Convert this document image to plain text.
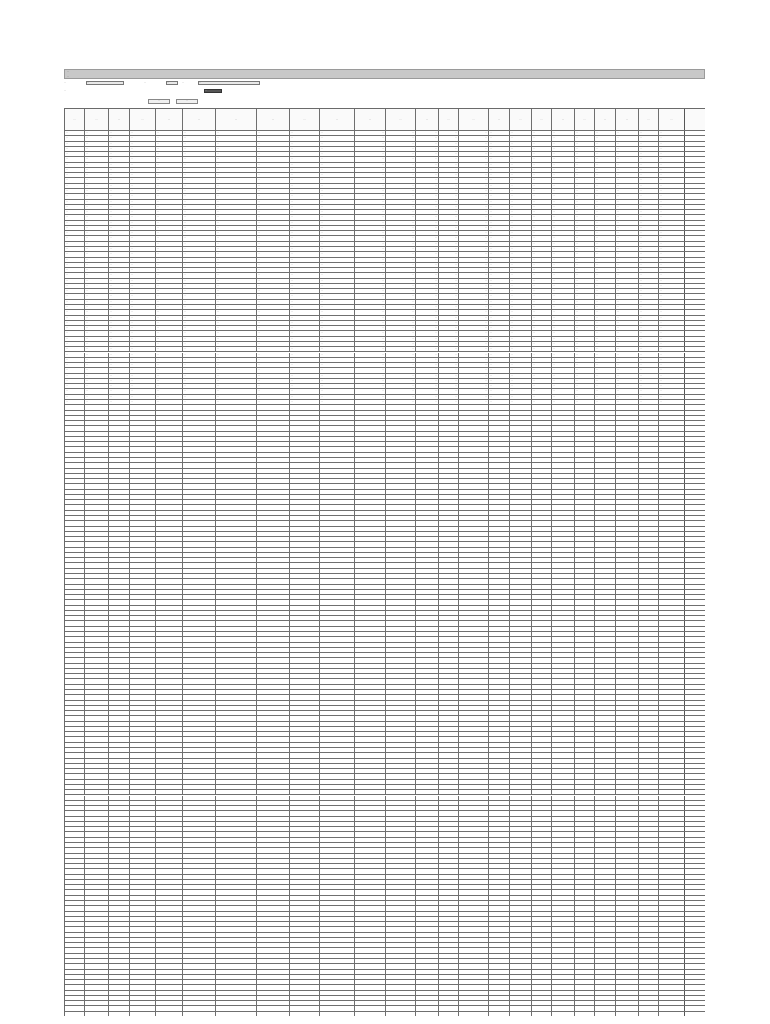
…
…
…	…	…	…	…	…
…	…
…	…
…	…	…	…	…	…	…	…	…	…	…	…	…	…	…	…	…	…	…	…	…	…	…	…
…	…	…	…	…	…	…	…	…	…	…	…	…	…	…	…	…	…	…	…	…	…	…	…
…	…	…	…	…	…	…	…	…	…	…	…	…	…	…	…	…	…	…	…	…	…	…	…
…	…	…	…	…	…	…	…	…	…	…	…	…	…	…	…	…	…	…	…	…	…	…	…
…	…	…	…	…	…	…	…	…	…	…	…	…	…	…	…	…	…	…	…	…	…	…	…
…	…	…	…	…	…	…	…	…	…	…	…	…	…	…	…	…	…	…	…	…	…	…	…
…	…	…	…	…	…	…	…	…	…	…	…	…	…	…	…	…	…	…	…	…	…	…	…
…	…	…	…	…	…	…	…	…	…	…	…	…	…	…	…	…	…	…	…	…	…	…	…
…	…	…	…	…	…	…	…	…	…	…	…	…	…	…	…	…	…	…	…	…	…	…	…
…	…	…	…	…	…	…	…	…	…	…	…	…	…	…	…	…	…	…	…	…	…	…	…
…	…	…	…	…	…	…	…	…	…	…	…	…	…	…	…	…	…	…	…	…	…	…	…
…	…	…	…	…	…	…	…	…	…	…	…	…	…	…	…	…	…	…	…	…	…	…	…
…	…	…	…	…	…	…	…	…	…	…	…	…	…	…	…	…	…	…	…	…	…	…	…
…	…	…	…	…	…	…	…	…	…	…	…	…	…	…	…	…	…	…	…	…	…	…	…
…	…	…	…	…	…	…	…	…	…	…	…	…	…	…	…	…	…	…	…	…	…	…	…
…	…	…	…	…	…	…	…	…	…	…	…	…	…	…	…	…	…	…	…	…	…	…	…
…	…	…	…	…	…	…	…	…	…	…	…	…	…	…	…	…	…	…	…	…	…	…	…
…	…	…	…	…	…	…	…	…	…	…	…	…	…	…	…	…	…	…	…	…	…	…	…
…	…	…	…	…	…	…	…	…	…	…	…	…	…	…	…	…	…	…	…	…	…	…	…
…	…	…	…	…	…	…	…	…	…	…	…	…	…	…	…	…	…	…	…	…	…	…	…
…	…	…	…	…	…	…	…	…	…	…	…	…	…	…	…	…	…	…	…	…	…	…	…
…	…	…	…	…	…	…	…	…	…	…	…	…	…	…	…	…	…	…	…	…	…	…	…
…	…	…	…	…	…	…	…	…	…	…	…	…	…	…	…	…	…	…	…	…	…	…	…
…	…	…	…	…	…	…	…	…	…	…	…	…	…	…	…	…	…	…	…	…	…	…	…
…	…	…	…	…	…	…	…	…	…	…	…	…	…	…	…	…	…	…	…	…	…	…	…
…	…	…	…	…	…	…	…	…	…	…	…	…	…	…	…	…	…	…	…	…	…	…	…
…	…	…	…	…	…	…	…	…	…	…	…	…	…	…	…	…	…	…	…	…	…	…	…
…	…	…	…	…	…	…	…	…	…	…	…	…	…	…	…	…	…	…	…	…	…	…	…
…	…	…	…	…	…	…	…	…	…	…	…	…	…	…	…	…	…	…	…	…	…	…	…
…	…	…	…	…	…	…	…	…	…	…	…	…	…	…	…	…	…	…	…	…	…	…	…
…	…	…	…	…	…	…	…	…	…	…	…	…	…	…	…	…	…	…	…	…	…	…	…
…	…	…	…	…	…	…	…	…	…	…	…	…	…	…	…	…	…	…	…	…	…	…	…
…	…	…	…	…	…	…	…	…	…	…	…	…	…	…	…	…	…	…	…	…	…	…	…
…	…	…	…	…	…	…	…	…	…	…	…	…	…	…	…	…	…	…	…	…	…	…	…
…	…	…	…	…	…	…	…	…	…	…	…	…	…	…	…	…	…	…	…	…	…	…	…
…	…	…	…	…	…	…	…	…	…	…	…	…	…	…	…	…	…	…	…	…	…	…	…
…	…	…	…	…	…	…	…	…	…	…	…	…	…	…	…	…	…	…	…	…	…	…	…
…	…	…	…	…	…	…	…	…	…	…	…	…	…	…	…	…	…	…	…	…	…	…	…
…	…	…	…	…	…	…	…	…	…	…	…	…	…	…	…	…	…	…	…	…	…	…	…
…	…	…	…	…	…	…	…	…	…	…	…	…	…	…	…	…	…	…	…	…	…	…	…
…	…	…	…	…	…	…	…	…	…	…	…	…	…	…	…	…	…	…	…	…	…	…	…
…	…	…	…	…	…	…	…	…	…	…	…	…	…	…	…	…	…	…	…	…	…	…	…
…	…	…	…	…	…	…	…	…	…	…	…	…	…	…	…	…	…	…	…	…	…	…	…
…	…	…	…	…	…	…	…	…	…	…	…	…	…	…	…	…	…	…	…	…	…	…	…
…	…	…	…	…	…	…	…	…	…	…	…	…	…	…	…	…	…	…	…	…	…	…	…
…	…	…	…	…	…	…	…	…	…	…	…	…	…	…	…	…	…	…	…	…	…	…	…
…	…	…	…	…	…	…	…	…	…	…	…	…	…	…	…	…	…	…	…	…	…	…	…
…	…	…	…	…	…	…	…	…	…	…	…	…	…	…	…	…	…	…	…	…	…	…	…
…	…	…	…	…	…	…	…	…	…	…	…	…	…	…	…	…	…	…	…	…	…	…	…
…	…	…	…	…	…	…	…	…	…	…	…	…	…	…	…	…	…	…	…	…	…	…	…
…	…	…	…	…	…	…	…	…	…	…	…	…	…	…	…	…	…	…	…	…	…	…	…
…	…	…	…	…	…	…	…	…	…	…	…	…	…	…	…	…	…	…	…	…	…	…	…
…	…	…	…	…	…	…	…	…	…	…	…	…	…	…	…	…	…	…	…	…	…	…	…
